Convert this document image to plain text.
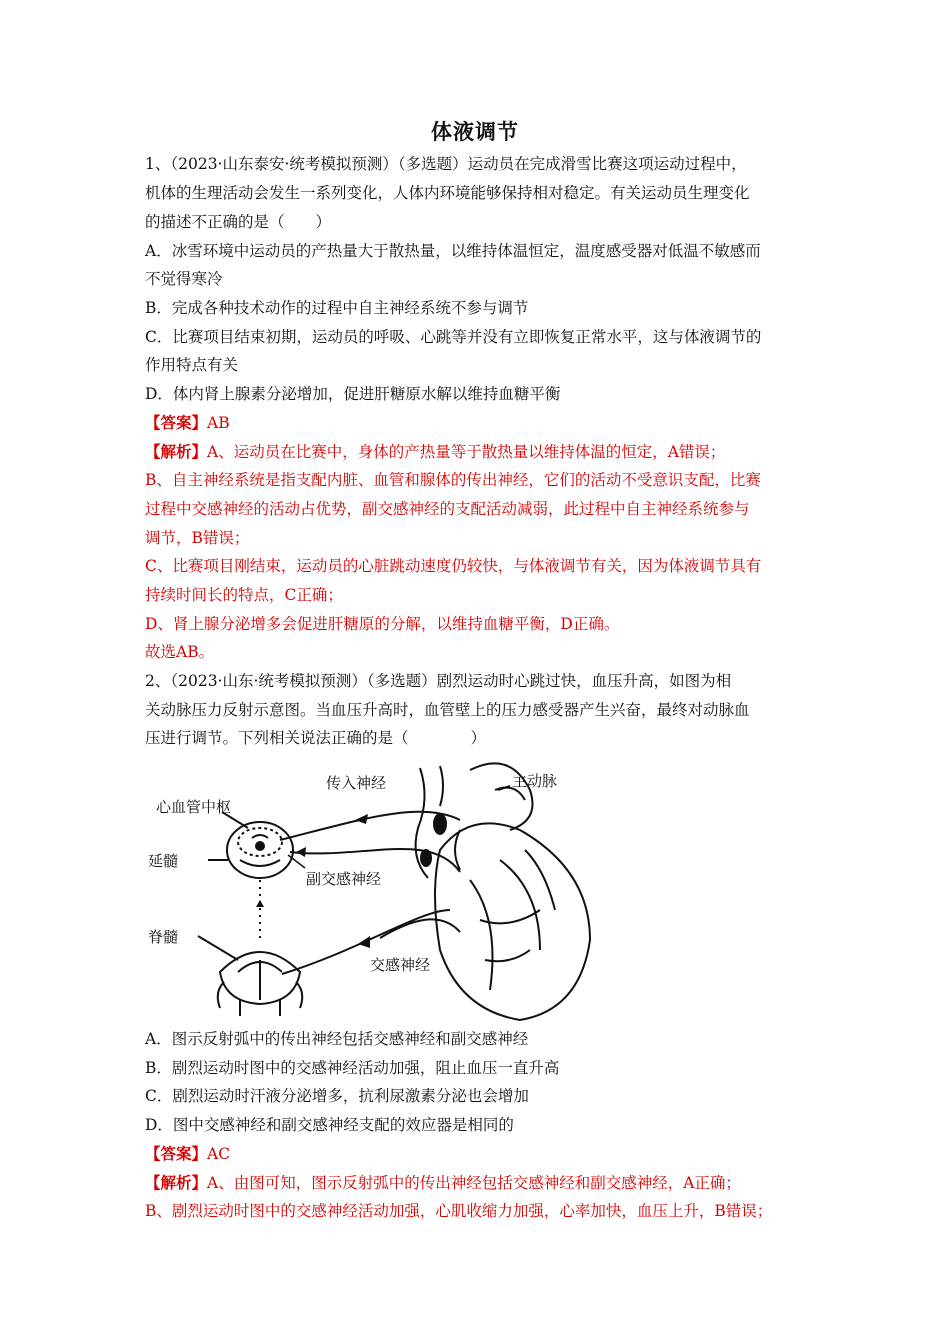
体液调节
1、（2023·山东泰安·统考模拟预测）（多选题）运动员在完成滑雪比赛这项运动过程中，
机体的生理活动会发生一系列变化，人体内环境能够保持相对稳定。有关运动员生理变化
的描述不正确的是（　　）
A．冰雪环境中运动员的产热量大于散热量，以维持体温恒定，温度感受器对低温不敏感而
不觉得寒冷
B．完成各种技术动作的过程中自主神经系统不参与调节
C．比赛项目结束初期，运动员的呼吸、心跳等并没有立即恢复正常水平，这与体液调节的
作用特点有关
D．体内肾上腺素分泌增加，促进肝糖原水解以维持血糖平衡
【答案】AB
【解析】A、运动员在比赛中，身体的产热量等于散热量以维持体温的恒定，A错误；
B、自主神经系统是指支配内脏、血管和腺体的传出神经，它们的活动不受意识支配，比赛
过程中交感神经的活动占优势，副交感神经的支配活动减弱，此过程中自主神经系统参与
调节，B错误；
C、比赛项目刚结束，运动员的心脏跳动速度仍较快，与体液调节有关，因为体液调节具有
持续时间长的特点，C正确；
D、肾上腺分泌增多会促进肝糖原的分解，以维持血糖平衡，D正确。
故选AB。
2、（2023·山东·统考模拟预测）（多选题）剧烈运动时心跳过快，血压升高，如图为相
关动脉压力反射示意图。当血压升高时，血管壁上的压力感受器产生兴奋，最终对动脉血
压进行调节。下列相关说法正确的是（　　　　）
传入神经	主动脉
心血管中枢
延髓
副交感神经
脊髓
交感神经
A．图示反射弧中的传出神经包括交感神经和副交感神经
B．剧烈运动时图中的交感神经活动加强，阻止血压一直升高
C．剧烈运动时汗液分泌增多，抗利尿激素分泌也会增加
D．图中交感神经和副交感神经支配的效应器是相同的
【答案】AC
【解析】A、由图可知，图示反射弧中的传出神经包括交感神经和副交感神经，A正确；
B、剧烈运动时图中的交感神经活动加强，心肌收缩力加强，心率加快，血压上升，B错误；
